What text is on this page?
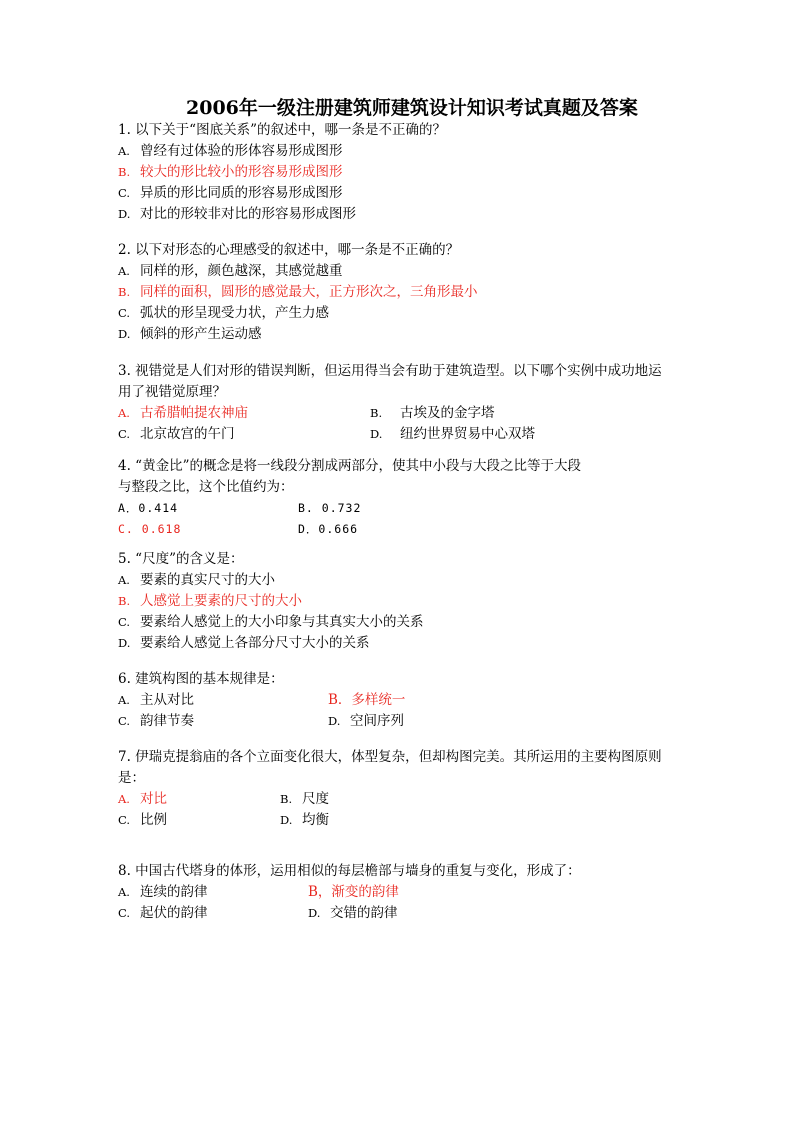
2006年一级注册建筑师建筑设计知识考试真题及答案
1. 以下关于“图底关系”的叙述中，哪一条是不正确的？
A. 曾经有过体验的形体容易形成图形
B. 较大的形比较小的形容易形成图形
C. 异质的形比同质的形容易形成图形
D. 对比的形较非对比的形容易形成图形
2. 以下对形态的心理感受的叙述中，哪一条是不正确的？
A. 同样的形，颜色越深，其感觉越重
B. 同样的面积，圆形的感觉最大，正方形次之，三角形最小
C. 弧状的形呈现受力状，产生力感
D. 倾斜的形产生运动感
3. 视错觉是人们对形的错误判断，但运用得当会有助于建筑造型。以下哪个实例中成功地运用了视错觉原理？
A. 古希腊帕提农神庙	B. 古埃及的金字塔
C. 北京故宫的午门	D. 纽约世界贸易中心双塔
4. “黄金比”的概念是将一线段分割成两部分，使其中小段与大段之比等于大段
与整段之比，这个比值约为：
A．0.414	B. 0.732
C. 0.618	D．0.666
5. “尺度”的含义是：
A. 要素的真实尺寸的大小
B. 人感觉上要素的尺寸的大小
C. 要素给人感觉上的大小印象与其真实大小的关系
D. 要素给人感觉上各部分尺寸大小的关系
6. 建筑构图的基本规律是：
A. 主从对比	B．多样统一
C. 韵律节奏	D. 空间序列
7. 伊瑞克提翁庙的各个立面变化很大，体型复杂，但却构图完美。其所运用的主要构图原则是：
A. 对比	B. 尺度
C. 比例	D. 均衡
8. 中国古代塔身的体形，运用相似的每层檐部与墙身的重复与变化，形成了：
A. 连续的韵律	B，渐变的韵律
C. 起伏的韵律	D. 交错的韵律
